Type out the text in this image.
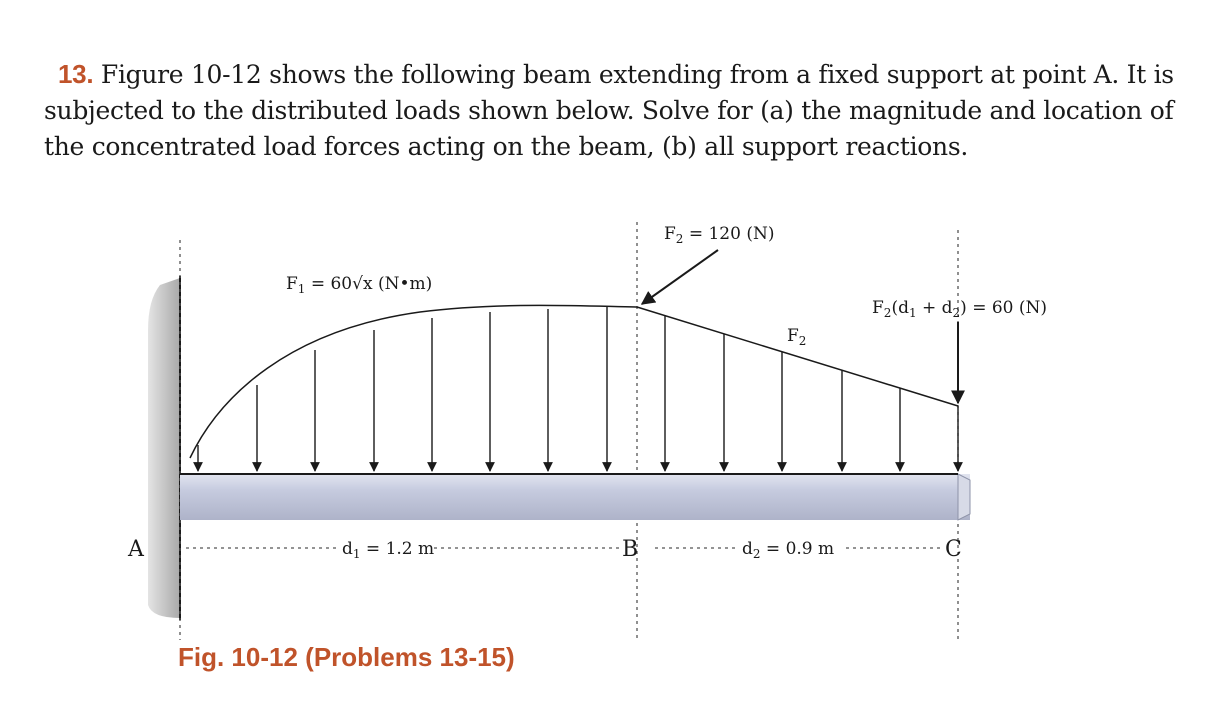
13. Figure 10-12 shows the following beam extending from a fixed support at point A. It is subjected to the distributed loads shown below. Solve for (a) the magnitude and location of the concentrated load forces acting on the beam, (b) all support reactions.

$F_1 = 60√x$ (N•m)
$F_2 = 120$ (N)
$F_2$
$F_2(d_1 + d_2) = 60$ (N)
$d_1 = 1.2$ m	$d_2 = 0.9$ m
A	B	C
Fig. 10-12 (Problems 13-15)
